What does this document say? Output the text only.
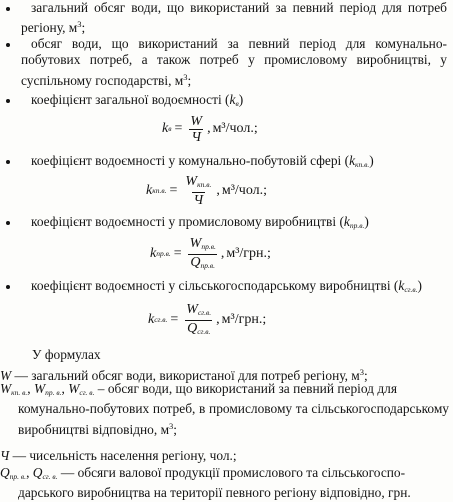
загальний обсяг води, що використаний за певний період для потреб регіону, $м^3$;
обсяг води, що використаний за певний період для комунально-побутових потреб, а також потреб у промисловому виробництві, у суспільному господарстві, $м^3$;
коефіцієнт загальної водоємності $(k_в)$
k $в = \frac{W}{Ч}$ , м³/чол.;
коефіцієнт водоємності у комунально-побутовій сфері $(k_{кп.в.})$
k кп.в. = $\frac{W_{кп.в.}}{Ч}$ , м³/чол.;
коефіцієнт водоємності у промисловому виробництві $(k_{пр.в.})$
k пр.в. = $\frac{W_{пр.в.}}{Q_{пр.в.}}$ , м³/грн.;
коефіцієнт водоємності у сільськогосподарському виробництві $(k_{сг.в.})$
k сг.в. = $\frac{W_{сг.в.}}{Q_{сг.в.}}$ , м³/грн.;
У формулах
W — загальний обсяг води, використаної для потреб регіону, $м^3$;
$W_{кп. в.}$, $W_{пр. в.}$, $W_{сг. в.}$ – обсяг води, що використаний за певний період для
комунально-побутових потреб, в промисловому та сільськогосподарському виробництві відповідно, $м^3$;
Ч — чисельність населення регіону, чол.;
$Q_{пр. в.}$, $Q_{сг. в.}$ — обсяги валової продукції промислового та сільськогоспо-
дарського виробництва на території певного регіону відповідно, грн.
